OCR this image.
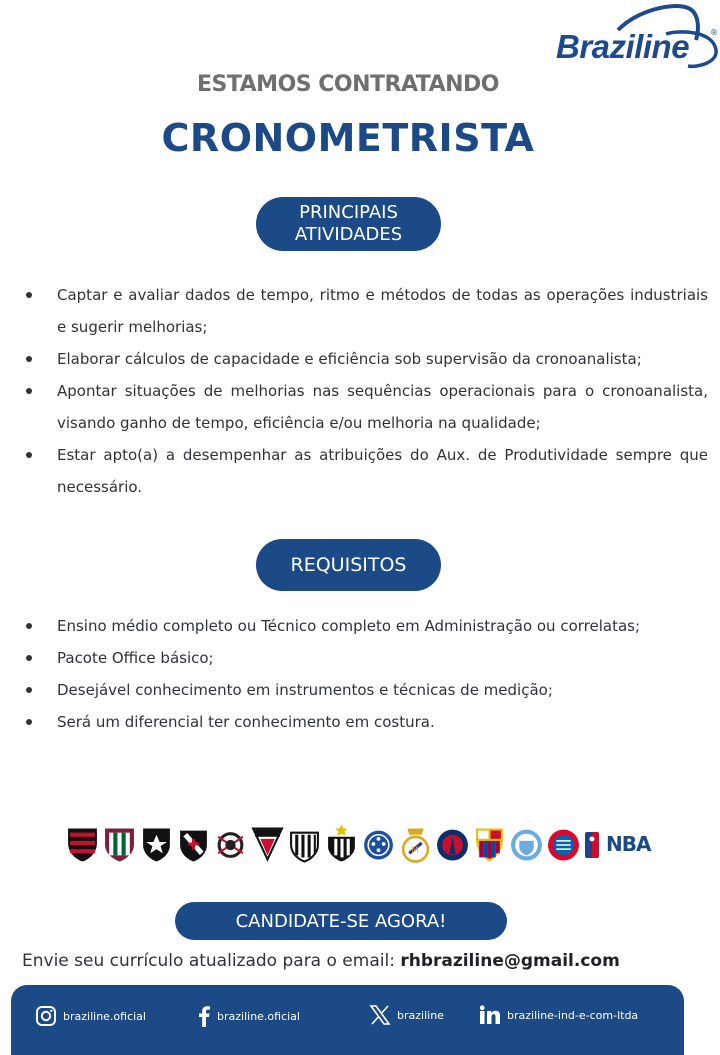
Braziline	®
ESTAMOS CONTRATANDO
CRONOMETRISTA
PRINCIPAIS
ATIVIDADES
Captar e avaliar dados de tempo, ritmo e métodos de todas as operações industriais e sugerir melhorias;
Elaborar cálculos de capacidade e eficiência sob supervisão da cronoanalista;
Apontar situações de melhorias nas sequências operacionais para o cronoanalista, visando ganho de tempo, eficiência e/ou melhoria na qualidade;
Estar apto(a) a desempenhar as atribuições do Aux. de Produtividade sempre que necessário.
REQUISITOS
Ensino médio completo ou Técnico completo em Administração ou correlatas;
Pacote Office básico;
Desejável conhecimento em instrumentos e técnicas de medição;
Será um diferencial ter conhecimento em costura.
M	NBA
CANDIDATE-SE AGORA!
Envie seu currículo atualizado para o email: rhbraziline@gmail.com
braziline.oficial	braziline.oficial	braziline	braziline-ind-e-com-ltda
